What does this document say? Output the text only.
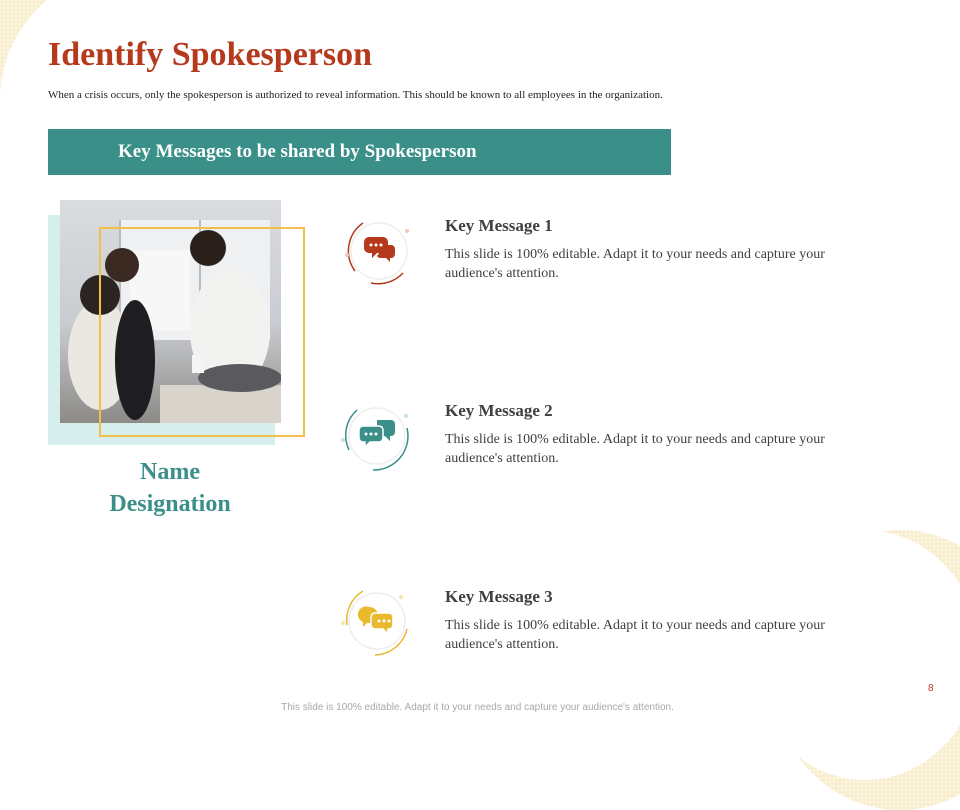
Identify Spokesperson

When a crisis occurs, only the spokesperson is authorized to reveal information. This should be known to all employees in the organization.

Key Messages to be shared by Spokesperson
Name
Designation

Key Message 1

This slide is 100% editable. Adapt it to your needs and capture your audience's attention.

Key Message 2

This slide is 100% editable. Adapt it to your needs and capture your audience's attention.

Key Message 3

This slide is 100% editable. Adapt it to your needs and capture your audience's attention.

8
This slide is 100% editable. Adapt it to your needs and capture your audience's attention.
